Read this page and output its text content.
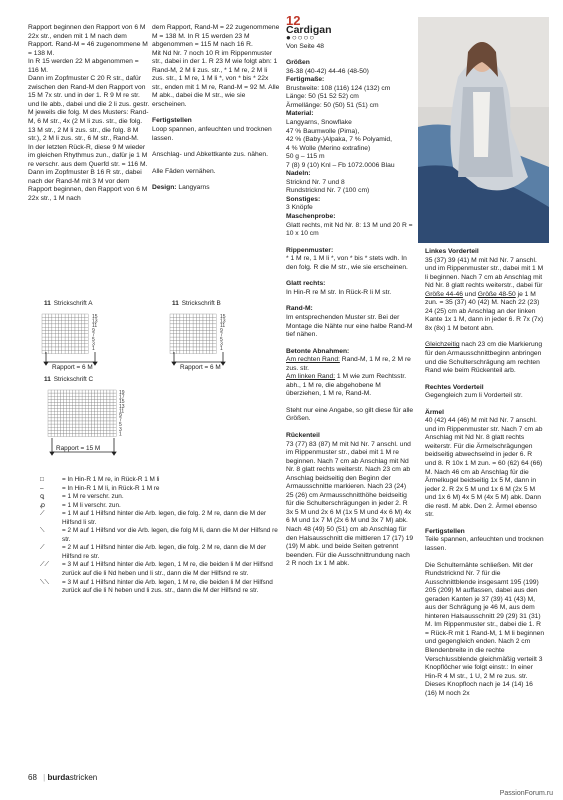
Rapport beginnen den Rapport von 6 M 22x str., enden mit 1 M nach dem Rapport. Rand-M = 46 zugenommene M = 138 M.

In R 15 werden 22 M abgenommen = 116 M.

Dann im Zopfmuster C 20 R str., dafür zwischen den Rand-M den Rapport von 15 M 7x str. und in der 1. R 9 M re str. und lle abb., dabei und die 2 li zus. gestr. M jeweils die folg. M des Musters: Rand-M, 6 M str., 4x (2 M li zus. str., die folg. 13 M str., 2 M li zus. str., die folg. 8 M str.), 2 M li zus. str., 6 M str., Rand-M.

In der letzten Rück-R, diese 9 M wieder im gleichen Rhythmus zun., dafür je 1 M re verschr. aus dem Querfd str. = 116 M.

Dann im Zopfmuster B 16 R str., dabei nach der Rand-M mit 3 M vor dem Rapport beginnen, den Rapport von 6 M 22x str., 1 M nach

dem Rapport, Rand-M = 22 zugenommene M = 138 M. In R 15 werden 23 M abgenommen = 115 M nach 16 R.

Mit Nd Nr. 7 noch 10 R im Rippenmuster str., dabei in der 1. R 23 M wie folgt abn: 1 Rand-M, 2 M li zus. str., * 1 M re, 2 M li zus. str., 1 M re, 1 M li *, von * bis * 22x str., enden mit 1 M re, Rand-M = 92 M. Alle M abk., dabei die M str., wie sie erscheinen.

Fertigstellen

Loop spannen, anfeuchten und trocknen lassen.

Anschlag- und Abkettkante zus. nähen.

Alle Fäden vernähen.

Design: Langyarns

11 Strickschrift A
15
13
11
9
7
5
3
1
Rapport = 6 M
11 Strickschrift B
15
13
11
9
7
5
3
1
Rapport = 6 M
11 Strickschrift C
19
17
15
13
11
9
7
5
3
1
Rapport = 15 M
□	= In Hin-R 1 M re, in Rück-R 1 M li
–	= In Hin-R 1 M li, in Rück-R 1 M re
ꝗ	= 1 M re verschr. zun.
ꝓ	= 1 M li verschr. zun.
⟋	= 1 M auf 1 Hilfsnd hinter die Arb. legen, die folg. 2 M re, dann die M der Hilfsnd li str.
⟍	= 2 M auf 1 Hilfsnd vor die Arb. legen, die folg M li, dann die M der Hilfsnd re str.
⟋	= 2 M auf 1 Hilfsnd hinter die Arb. legen, die folg. 2 M re, dann die M der Hilfsnd re str.
⟋⟋	= 3 M auf 1 Hilfsnd hinter die Arb. legen, 1 M re, die beiden li M der Hilfsnd zurück auf die li Nd heben und li str., dann die M der Hilfsnd re str.
⟍⟍	= 3 M auf 1 Hilfsnd hinter die Arb. legen, 1 M re, die beiden li M der Hilfsnd zurück auf die li N heben und li zus. str., dann die M der Hilfsnd re str.
12
Cardigan
●○○○○

Von Seite 48

Größen
36-38 (40-42) 44-46 (48-50)
Fertigmaße:
Brustweite: 108 (116) 124 (132) cm
Länge: 50 (51 52 52) cm
Ärmellänge: 50 (50) 51 (51) cm
Material:
Langyarns, Snowflake
47 % Baumwolle (Pima),
42 % (Baby-)Alpaka, 7 % Polyamid,
4 % Wolle (Merino extrafine)
50 g – 115 m
7 (8) 9 (10) Knl – Fb 1072.0006 Blau
Nadeln:
Stricknd Nr. 7 und 8
Rundstricknd Nr. 7 (100 cm)
Sonstiges:
3 Knöpfe
Maschenprobe:

Glatt rechts, mit Nd Nr. 8: 13 M und 20 R = 10 x 10 cm

Rippenmuster:

* 1 M re, 1 M li *, von * bis * stets wdh. In den folg. R die M str., wie sie erscheinen.

Glatt rechts:

In Hin-R re M str. In Rück-R li M str.

Rand-M:

Im entsprechenden Muster str. Bei der Montage die Nähte nur eine halbe Rand-M tief nähen.

Betonte Abnahmen:
Am rechten Rand: Rand-M, 1 M re, 2 M re zus. str.

Am linken Rand: 1 M wie zum Rechtsstr. abh., 1 M re, die abgehobene M überziehen, 1 M re, Rand-M.

Steht nur eine Angabe, so gilt diese für alle Größen.

Rückenteil
73 (77) 83 (87) M mit Nd Nr. 7 anschl. und im Rippenmuster str., dabei mit 1 M re beginnen. Nach 7 cm ab Anschlag mit Nd Nr. 8 glatt rechts weiterstr. Nach 23 cm ab Anschlag beidseitig den Beginn der Armausschnitte markieren. Nach 23 (24) 25 (26) cm Armausschnitthöhe beidseitig für die Schulterschrägungen in jeder 2. R 3x 5 M und 2x 6 M (1x 5 M und 4x 6 M) 4x 6 M und 1x 7 M (2x 6 M und 3x 7 M) abk. Nach 48 (49) 50 (51) cm ab Anschlag für den Halsausschnitt die mittleren 17 (17) 19 (19) M abk. und beide Seiten getrennt beenden. Für die Ausschnittrundung nach 2 R noch 1x 1 M abk.
Linkes Vorderteil

35 (37) 39 (41) M mit Nd Nr. 7 anschl. und im Rippenmuster str., dabei mit 1 M li beginnen. Nach 7 cm ab Anschlag mit Nd Nr. 8 glatt rechts weiterstr., dabei für Größe 44-46 und Größe 48-50 je 1 M zun. = 35 (37) 40 (42) M. Nach 22 (23) 24 (25) cm ab Anschlag an der linken Kante 1x 1 M, dann in jeder 6. R 7x (7x) 8x (8x) 1 M betont abn.

Gleichzeitig nach 23 cm die Markierung für den Armausschnittbeginn anbringen und die Schulterschrägung am rechten Rand wie beim Rückenteil arb.

Rechtes Vorderteil

Gegengleich zum li Vorderteil str.

Ärmel

40 (42) 44 (46) M mit Nd Nr. 7 anschl. und im Rippenmuster str. Nach 7 cm ab Anschlag mit Nd Nr. 8 glatt rechts weiterstr. Für die Ärmelschrägungen beidseitig abwechselnd in jeder 6. R und 8. R 10x 1 M zun. = 60 (62) 64 (66) M. Nach 46 cm ab Anschlag für die Ärmelkugel beidseitig 1x 5 M, dann in jeder 2. R 2x 5 M und 1x 6 M (2x 5 M und 1x 6 M) 4x 5 M (4x 5 M) abk. Dann die restl. M abk. Den 2. Ärmel ebenso str.

Fertigstellen

Teile spannen, anfeuchten und trocknen lassen.

Die Schulternähte schließen. Mit der Rundstricknd Nr. 7 für die Ausschnittblende insgesamt 195 (199) 205 (209) M auffassen, dabei aus den geraden Kanten je 37 (39) 41 (43) M, aus der Schrägung je 46 M, aus dem hinteren Halsausschnitt 29 (29) 31 (31) M. Im Rippenmuster str., dabei die 1. R = Rück-R mit 1 Rand-M, 1 M li beginnen und gegengleich enden. Nach 2 cm Blendenbreite in die rechte Verschlussblende gleichmäßig verteilt 3 Knopflöcher wie folgt einstr.: In einer Hin-R 4 M str., 1 U, 2 M re zus. str. Dieses Knopfloch nach je 14 (14) 16 (16) M noch 2x
68 | burdastricken
PassionForum.ru
